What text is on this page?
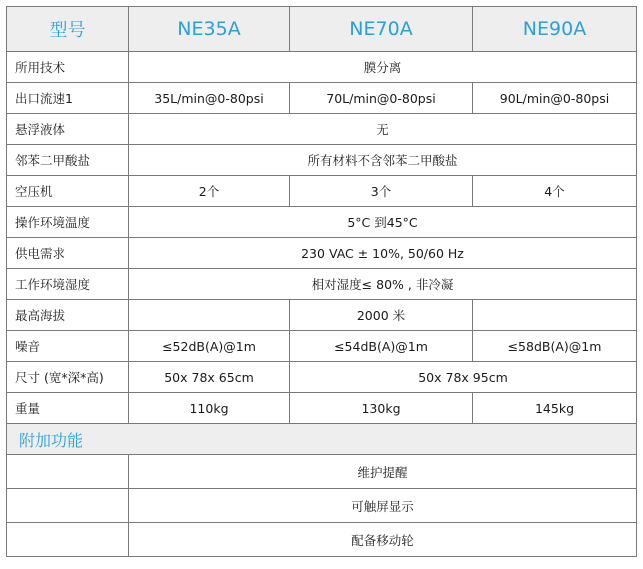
型号	NE35A	NE70A	NE90A
所用技术	膜分离		
出口流速1	35L/min@0-80psi	70L/min@0-80psi	90L/min@0-80psi
悬浮液体	无		
邻苯二甲酸盐	所有材料不含邻苯二甲酸盐		
空压机	2个	3个	4个
操作环境温度	5°C 到45°C		
供电需求	230 VAC ± 10%, 50/60 Hz		
工作环境湿度	相对湿度≤ 80% , 非冷凝		
最高海拔		2000 米	
噪音	≤52dB(A)@1m	≤54dB(A)@1m	≤58dB(A)@1m
尺寸 (宽*深*高)	50x 78x 65cm	50x 78x 95cm	
重量	110kg	130kg	145kg
附加功能			
	维护提醒		
	可触屏显示		
	配备移动轮		
